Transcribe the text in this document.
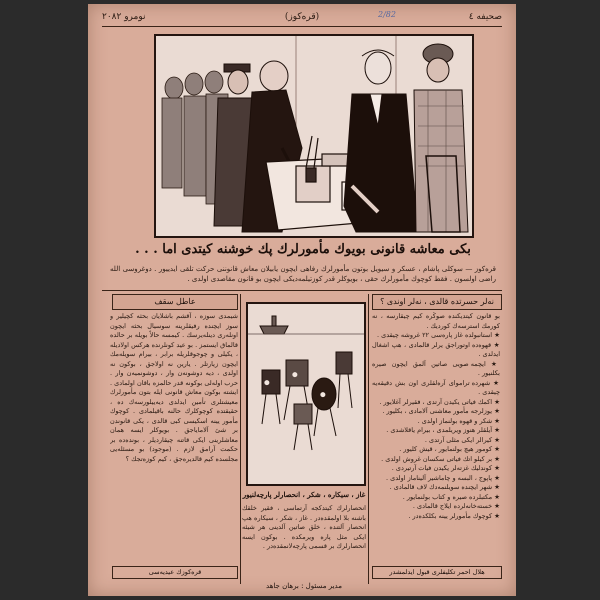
نومرو ٢٠٨٢	(قره‌كوز)	صحيفه ٤
2/82
بكى معاشه قانونى بويوك مأمورلرك پك خوشنه كيتدى اما . . .
قره‌كوز — سوكلى پاشام ، عسكر و سيويل بوتون مأمورلرك رفاهى ايچون يابيلان معاش قانوننى حركت تلقى ايدييور . دوغروسى الله راضى اولسون . فقط كوچوك مأمورلرك حقى ، بويوكلر قدر كوزتيلمه‌دیكى ايچون بو قانون مقاصدى اولدى .
عاطل سقف
شيمدى سوزه ، آقشم باشلايان بحثه كچيلير و سوز ايچنده رفيقلرينه سوسيال بحثه ايچون اونله‌رى دينله‌يرسك . كيمسه حالاً بويله بر حالده قالماق ايستمز . بو عيد كونلرنده هركس اولاديله ، يكيلى و چوجوقلريله برابر ، بيرام سويله‌مك ايچون زيارتلر . يارين نه اولاجق ، بوكون نه اولدى ، ديه دوشونه‌ن وار ، دوشونميه‌ن وار . حرب اوله‌لى بوكونه قدر حالمزه باقان اولمادى . ايشته بوكون معاش قانونى ايله بتون مأمورلرك معيشتلرى تأمين ايدلدى ديه‌ييلورسه‌ك ده ، حقيقتده كوچوكلرك حالنه باقيلمادى . كوچوك مأمور يينه اسكيسى كبى قالدى ، يكى قانوندن بر شئ آلاماياجق . بويوكلر ايسه همان معاشلرينى ايكى قاتنه چيقاردیلر ، بونده‌ده بر حكمت آرامق لازم . (موجود) بو مسئله‌يى مجلسده كيم قالديره‌جق ، كيم كوزه‌تجك ؟
قره‌كوزك عيديه‌سى
⬤
⬤
⬤
غاز ، سيكاره ، شكر ، انحصارلر پارچه‌لنيور
انحصارلرك كيتدكجه آرتماسى ، فقير خلقك باشنه بلا اولمقده‌در . غاز ، شكر ، سيكاره هپ انحصار آلتنده ، خلق صاتين آلدينى هر شيئه ايكى مثل پاره ويرمكده . بوكون ايسه انحصارلرك بر قسمى پارچه‌لانمقده‌در .
مدير مسئول : برهان جاهد
نه‌لر حسرتده قالدى ، نه‌لر اوندى ؟
بو قانون كيتديكنده صوڭره كيم چيقارسه ، نه كورمك استرسه‌ك كورديك .
★ استانبولده غاز پاره‌سى ٢٢ غروشه چيقدى .
★ قهوه‌ده اوتوراجق يرلر قالمادى ، هپ اشغال ايدلدى .
★ ايچمه صويى صاتين آلمق ايچون صيره بكلنيور .
★ شهرده ترامواى آره‌لقلرى اون بش دقيقه‌يه چيقدى .
★ اكمك فياتى يكيدن آرتدى ، فقيرلر آغلايور .
★ يوزلرجه مأمور معاشنى آلامادى ، بكليور .
★ شكر و قهوه بولنماز اولدى .
★ آيلقلر هنوز ويريلمدى ، بيرام ياقلاشدى .
★ كيرالر ايكى مثلى آرتدى .
★ كومور هيچ بولنمايور ، قيش كليور .
★ بر كيلو اتك فياتى سكسان غروش اولدى .
★ كوندليك غزته‌لر يكيدن فيات آرتيردى .
★ پاپوج ، البسه و چاماشير آليناماز اولدى .
★ شهر ايچنده سويلنمه‌دك لاف قالمادى .
★ مكتبلرده صيره و كتاب بولنمايور .
★ خسته‌خانه‌لرده ايلاج قالمادى .
★ كوچوك مأمورلر يينه بكلكده‌در .
هلال احمر تكليفلرى قبول ايدلمشدر
